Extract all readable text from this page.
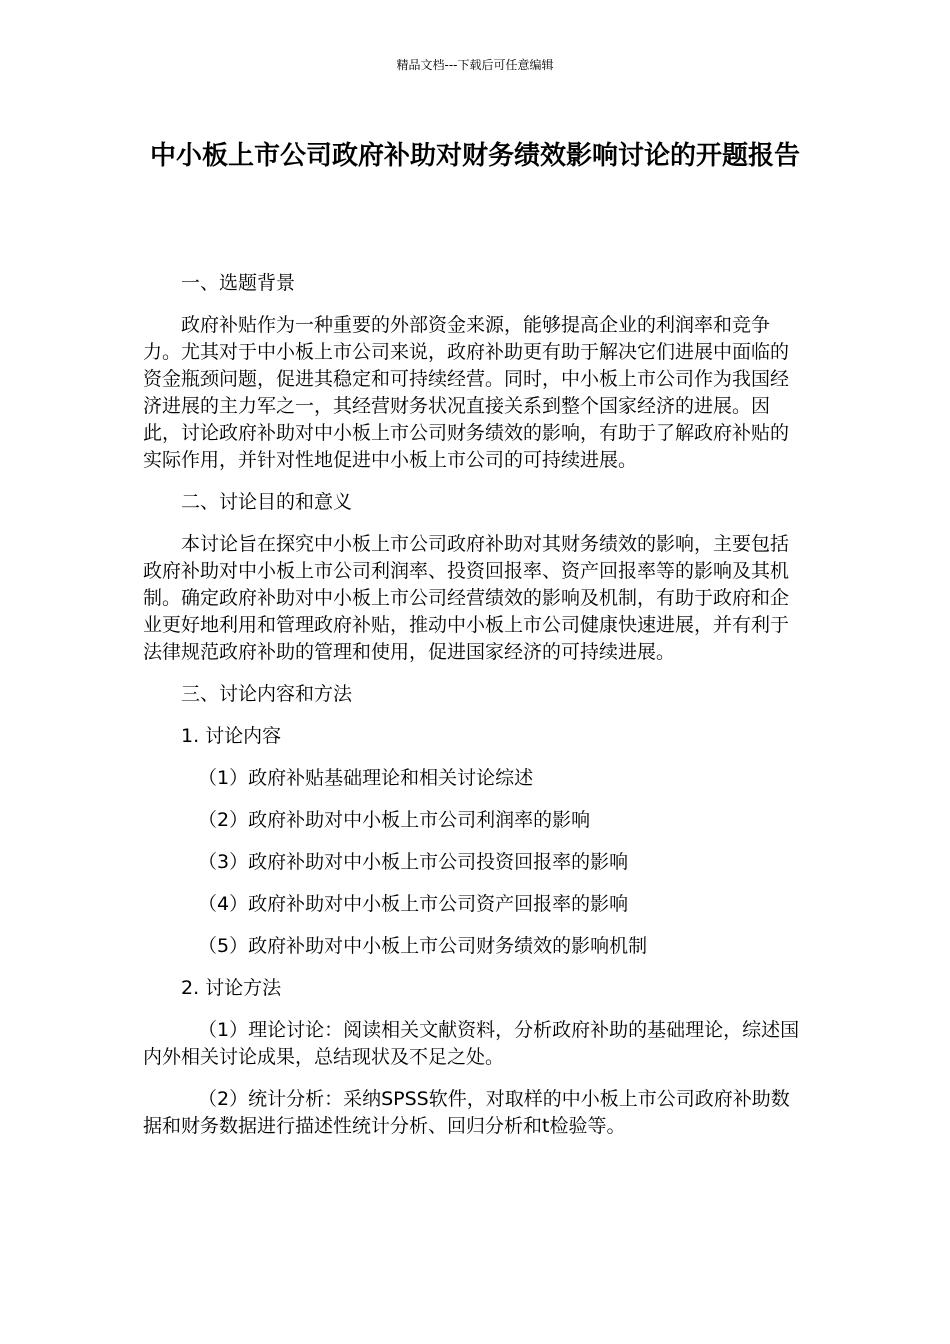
精品文档---下载后可任意编辑
中小板上市公司政府补助对财务绩效影响讨论的开题报告

一、选题背景

政府补贴作为一种重要的外部资金来源，能够提高企业的利润率和竞争力。尤其对于中小板上市公司来说，政府补助更有助于解决它们进展中面临的资金瓶颈问题，促进其稳定和可持续经营。同时，中小板上市公司作为我国经济进展的主力军之一，其经营财务状况直接关系到整个国家经济的进展。因此，讨论政府补助对中小板上市公司财务绩效的影响，有助于了解政府补贴的实际作用，并针对性地促进中小板上市公司的可持续进展。

二、讨论目的和意义

本讨论旨在探究中小板上市公司政府补助对其财务绩效的影响，主要包括政府补助对中小板上市公司利润率、投资回报率、资产回报率等的影响及其机制。确定政府补助对中小板上市公司经营绩效的影响及机制，有助于政府和企业更好地利用和管理政府补贴，推动中小板上市公司健康快速进展，并有利于法律规范政府补助的管理和使用，促进国家经济的可持续进展。

三、讨论内容和方法

1. 讨论内容

（1）政府补贴基础理论和相关讨论综述

（2）政府补助对中小板上市公司利润率的影响

（3）政府补助对中小板上市公司投资回报率的影响

（4）政府补助对中小板上市公司资产回报率的影响

（5）政府补助对中小板上市公司财务绩效的影响机制

2. 讨论方法

（1）理论讨论：阅读相关文献资料，分析政府补助的基础理论，综述国内外相关讨论成果，总结现状及不足之处。

（2）统计分析：采纳SPSS软件，对取样的中小板上市公司政府补助数据和财务数据进行描述性统计分析、回归分析和t检验等。
